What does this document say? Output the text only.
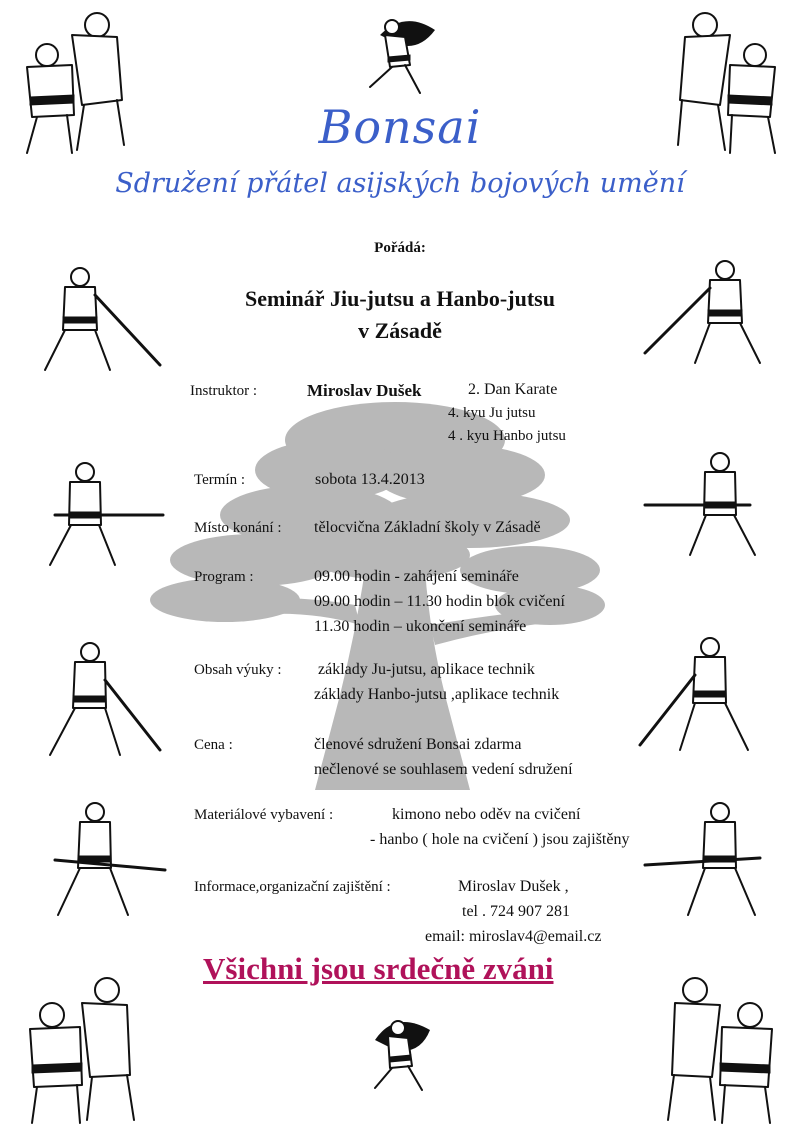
Bonsai
Sdružení přátel asijských bojových umění
Pořádá:
Seminář Jiu-jutsu a Hanbo-jutsu
v Zásadě
Instruktor :	Miroslav Dušek	2. Dan Karate
4. kyu Ju jutsu
4 . kyu Hanbo jutsu
Termín :	sobota 13.4.2013
Místo konání : tělocvična Základní školy v Zásadě
Program :	09.00 hodin - zahájení semináře
09.00 hodin – 11.30 hodin blok cvičení
11.30 hodin – ukončení semináře
Obsah výuky : základy Ju-jutsu, aplikace technik
základy Hanbo-jutsu ,aplikace technik
Cena :	členové sdružení Bonsai zdarma
nečlenové se souhlasem vedení sdružení
Materiálové vybavení :	kimono nebo oděv na cvičení
- hanbo ( hole na cvičení ) jsou zajištěny
Informace,organizační zajištění :	Miroslav Dušek ,
tel . 724 907 281
email: miroslav4@email.cz
Všichni jsou srdečně zváni
